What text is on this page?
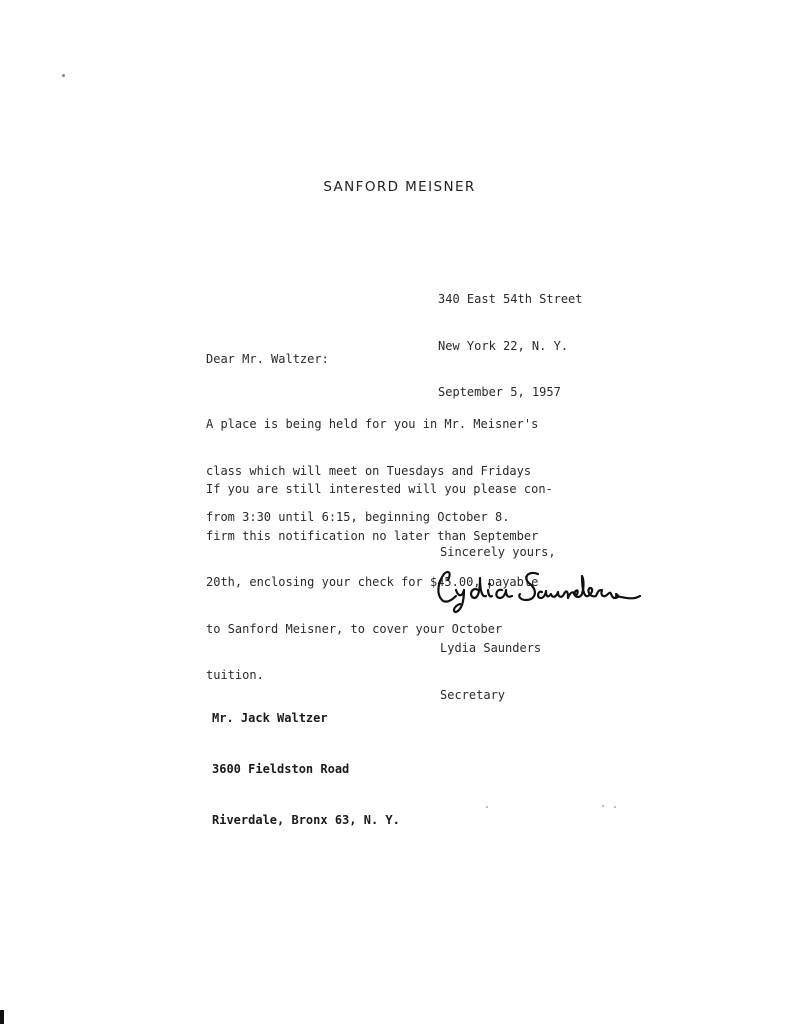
SANFORD MEISNER

340 East 54th Street

New York 22, N. Y.

September 5, 1957

Dear Mr. Waltzer:

A place is being held for you in Mr. Meisner's

class which will meet on Tuesdays and Fridays

from 3:30 until 6:15, beginning October 8.

If you are still interested will you please con-

firm this notification no later than September

20th, enclosing your check for $45.00, payable

to Sanford Meisner, to cover your October

tuition.

Sincerely yours,

Lydia Saunders

Secretary

Mr. Jack Waltzer

3600 Fieldston Road

Riverdale, Bronx 63, N. Y.
